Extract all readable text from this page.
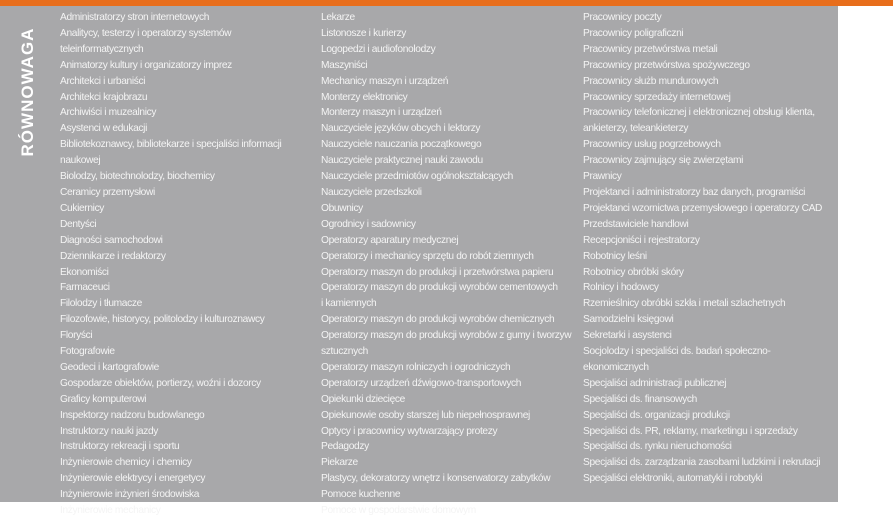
RÓWNOWAGA
Administratorzy stron internetowych
Analitycy, testerzy i operatorzy systemów
teleinformatycznych
Animatorzy kultury i organizatorzy imprez
Architekci i urbaniści
Architekci krajobrazu
Archiwiści i muzealnicy
Asystenci w edukacji
Bibliotekoznawcy, bibliotekarze i specjaliści informacji
naukowej
Biolodzy, biotechnolodzy, biochemicy
Ceramicy przemysłowi
Cukiernicy
Dentyści
Diagności samochodowi
Dziennikarze i redaktorzy
Ekonomiści
Farmaceuci
Filolodzy i tłumacze
Filozofowie, historycy, politolodzy i kulturoznawcy
Floryści
Fotografowie
Geodeci i kartografowie
Gospodarze obiektów, portierzy, woźni i dozorcy
Graficy komputerowi
Inspektorzy nadzoru budowlanego
Instruktorzy nauki jazdy
Instruktorzy rekreacji i sportu
Inżynierowie chemicy i chemicy
Inżynierowie elektrycy i energetycy
Inżynierowie inżynieri środowiska
Inżynierowie mechanicy
Lekarze
Listonosze i kurierzy
Logopedzi i audiofonolodzy
Maszyniści
Mechanicy maszyn i urządzeń
Monterzy elektronicy
Monterzy maszyn i urządzeń
Nauczyciele języków obcych i lektorzy
Nauczyciele nauczania początkowego
Nauczyciele praktycznej nauki zawodu
Nauczyciele przedmiotów ogólnokształcących
Nauczyciele przedszkoli
Obuwnicy
Ogrodnicy i sadownicy
Operatorzy aparatury medycznej
Operatorzy i mechanicy sprzętu do robót ziemnych
Operatorzy maszyn do produkcji i przetwórstwa papieru
Operatorzy maszyn do produkcji wyrobów cementowych
i kamiennych
Operatorzy maszyn do produkcji wyrobów chemicznych
Operatorzy maszyn do produkcji wyrobów z gumy i tworzyw
sztucznych
Operatorzy maszyn rolniczych i ogrodniczych
Operatorzy urządzeń dźwigowo-transportowych
Opiekunki dziecięce
Opiekunowie osoby starszej lub niepełnosprawnej
Optycy i pracownicy wytwarzający protezy
Pedagodzy
Piekarze
Plastycy, dekoratorzy wnętrz i konserwatorzy zabytków
Pomoce kuchenne
Pomoce w gospodarstwie domowym
Pracownicy poczty
Pracownicy poligraficzni
Pracownicy przetwórstwa metali
Pracownicy przetwórstwa spożywczego
Pracownicy służb mundurowych
Pracownicy sprzedaży internetowej
Pracownicy telefonicznej i elektronicznej obsługi klienta,
ankieterzy, teleankieterzy
Pracownicy usług pogrzebowych
Pracownicy zajmujący się zwierzętami
Prawnicy
Projektanci i administratorzy baz danych, programiści
Projektanci wzornictwa przemysłowego i operatorzy CAD
Przedstawiciele handlowi
Recepcjoniści i rejestratorzy
Robotnicy leśni
Robotnicy obróbki skóry
Rolnicy i hodowcy
Rzemieślnicy obróbki szkła i metali szlachetnych
Samodzielni księgowi
Sekretarki i asystenci
Socjolodzy i specjaliści ds. badań społeczno-
ekonomicznych
Specjaliści administracji publicznej
Specjaliści ds. finansowych
Specjaliści ds. organizacji produkcji
Specjaliści ds. PR, reklamy, marketingu i sprzedaży
Specjaliści ds. rynku nieruchomości
Specjaliści ds. zarządzania zasobami ludzkimi i rekrutacji
Specjaliści elektroniki, automatyki i robotyki
